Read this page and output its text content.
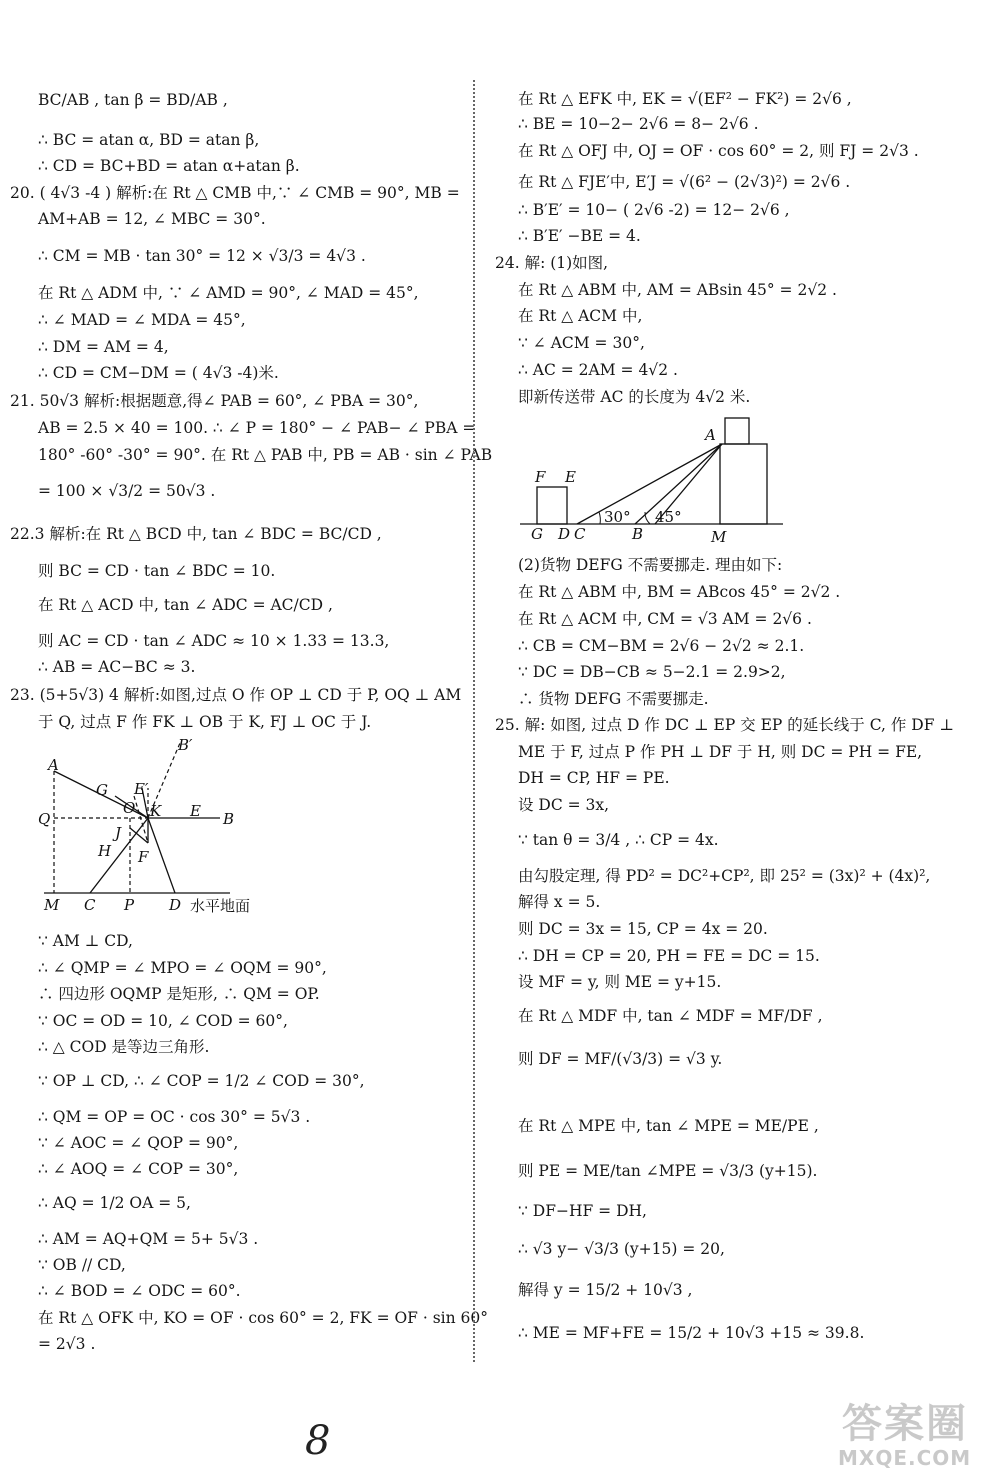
BC/AB , tan β = BD/AB ,
∴ BC = atan α, BD = atan β,
∴ CD = BC+BD = atan α+atan β.
20. ( 4√3 -4 ) 解析:在 Rt △ CMB 中,∵ ∠ CMB = 90°, MB =
AM+AB = 12, ∠ MBC = 30°.
∴ CM = MB · tan 30° = 12 × √3/3 = 4√3 .
在 Rt △ ADM 中, ∵ ∠ AMD = 90°, ∠ MAD = 45°,
∴ ∠ MAD = ∠ MDA = 45°,
∴ DM = AM = 4,
∴ CD = CM−DM = ( 4√3 -4)米.
21. 50√3 解析:根据题意,得∠ PAB = 60°, ∠ PBA = 30°,
AB = 2.5 × 40 = 100. ∴ ∠ P = 180° − ∠ PAB− ∠ PBA =
180° -60° -30° = 90°. 在 Rt △ PAB 中, PB = AB · sin ∠ PAB
= 100 × √3/2 = 50√3 .
22.3 解析:在 Rt △ BCD 中, tan ∠ BDC = BC/CD ,
则 BC = CD · tan ∠ BDC = 10.
在 Rt △ ACD 中, tan ∠ ADC = AC/CD ,
则 AC = CD · tan ∠ ADC ≈ 10 × 1.33 = 13.3,
∴ AB = AC−BC ≈ 3.
23. (5+5√3) 4 解析:如图,过点 O 作 OP ⊥ CD 于 P, OQ ⊥ AM
于 Q, 过点 F 作 FK ⊥ OB 于 K, FJ ⊥ OC 于 J.
∵ AM ⊥ CD,
∴ ∠ QMP = ∠ MPO = ∠ OQM = 90°,
∴ 四边形 OQMP 是矩形, ∴ QM = OP.
∵ OC = OD = 10, ∠ COD = 60°,
∴ △ COD 是等边三角形.
∵ OP ⊥ CD, ∴ ∠ COP = 1/2 ∠ COD = 30°,
∴ QM = OP = OC · cos 30° = 5√3 .
∵ ∠ AOC = ∠ QOP = 90°,
∴ ∠ AOQ = ∠ COP = 30°,
∴ AQ = 1/2 OA = 5,
∴ AM = AQ+QM = 5+ 5√3 .
∵ OB // CD,
∴ ∠ BOD = ∠ ODC = 60°.
在 Rt △ OFK 中, KO = OF · cos 60° = 2, FK = OF · sin 60°
= 2√3 .
在 Rt △ EFK 中, EK = √(EF² − FK²) = 2√6 ,
∴ BE = 10−2− 2√6 = 8− 2√6 .
在 Rt △ OFJ 中, OJ = OF · cos 60° = 2, 则 FJ = 2√3 .
在 Rt △ FJE′中, E′J = √(6² − (2√3)²) = 2√6 .
∴ B′E′ = 10− ( 2√6 -2) = 12− 2√6 ,
∴ B′E′ −BE = 4.
24. 解: (1)如图,
在 Rt △ ABM 中, AM = ABsin 45° = 2√2 .
在 Rt △ ACM 中,
∵ ∠ ACM = 30°,
∴ AC = 2AM = 4√2 .
即新传送带 AC 的长度为 4√2 米.
(2)货物 DEFG 不需要挪走. 理由如下:
在 Rt △ ABM 中, BM = ABcos 45° = 2√2 .
在 Rt △ ACM 中, CM = √3 AM = 2√6 .
∴ CB = CM−BM = 2√6 − 2√2 ≈ 2.1.
∵ DC = DB−CB ≈ 5−2.1 = 2.9>2,
∴ 货物 DEFG 不需要挪走.
25. 解: 如图, 过点 D 作 DC ⊥ EP 交 EP 的延长线于 C, 作 DF ⊥
ME 于 F, 过点 P 作 PH ⊥ DF 于 H, 则 DC = PH = FE,
DH = CP, HF = PE.
设 DC = 3x,
∵ tan θ = 3/4 , ∴ CP = 4x.
由勾股定理, 得 PD² = DC²+CP², 即 25² = (3x)² + (4x)²,
解得 x = 5.
则 DC = 3x = 15, CP = 4x = 20.
∴ DH = CP = 20, PH = FE = DC = 15.
设 MF = y, 则 ME = y+15.
在 Rt △ MDF 中, tan ∠ MDF = MF/DF ,
则 DF = MF/(√3/3) = √3 y.
在 Rt △ MPE 中, tan ∠ MPE = ME/PE ,
则 PE = ME/tan ∠MPE = √3/3 (y+15).
∵ DF−HF = DH,
∴ √3 y− √3/3 (y+15) = 20,
解得 y = 15/2 + 10√3 ,
∴ ME = MF+FE = 15/2 + 10√3 +15 ≈ 39.8.
A
B′
G E′
O K E B
Q
J
H F
M C P D 水平地面
A
F E
G D C	B	M
30° 45°
8	答案圈
MXQE.COM
